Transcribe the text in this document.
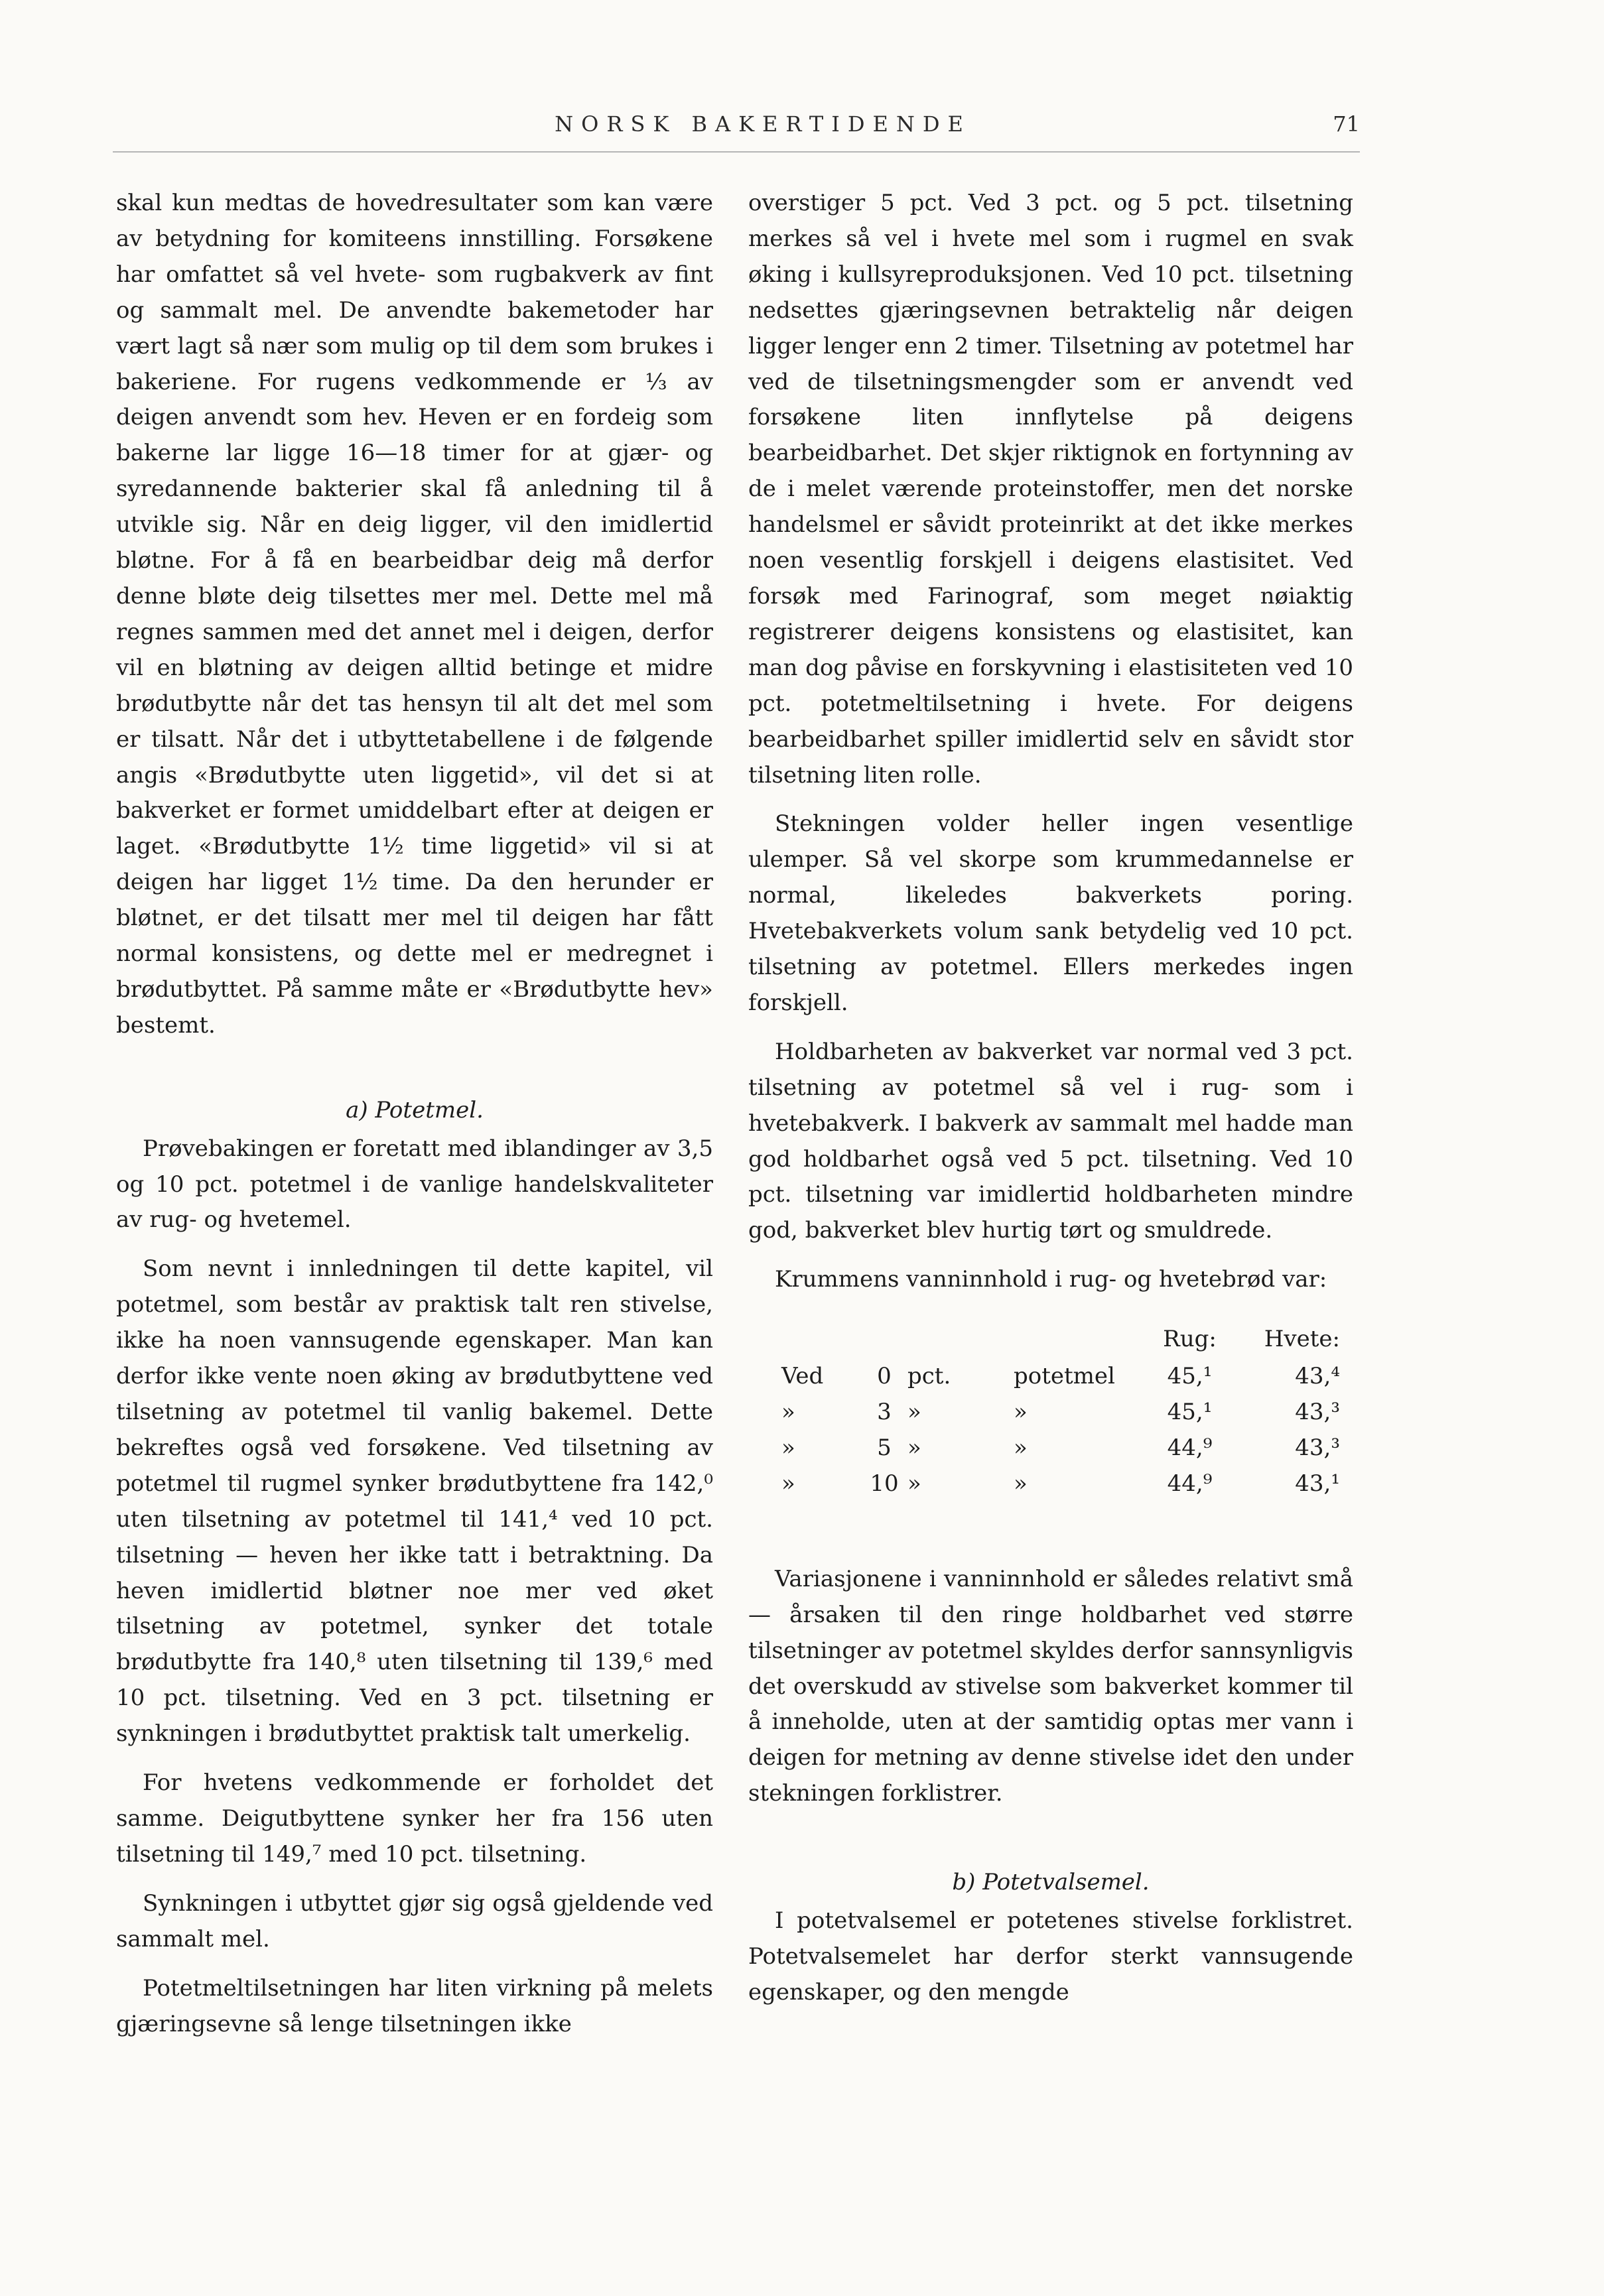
NORSK BAKERTIDENDE	71

skal kun medtas de hovedresultater som kan være av betydning for komiteens innstilling. Forsøkene har omfattet så vel hvete- som rugbakverk av fint og sammalt mel. De anvendte bakemetoder har vært lagt så nær som mulig op til dem som brukes i bakeriene. For rugens vedkommende er ⅓ av deigen anvendt som hev. Heven er en fordeig som bakerne lar ligge 16—18 timer for at gjær- og syredannende bakterier skal få anledning til å utvikle sig. Når en deig ligger, vil den imidlertid bløtne. For å få en bearbeidbar deig må derfor denne bløte deig tilsettes mer mel. Dette mel må regnes sammen med det annet mel i deigen, derfor vil en bløtning av deigen alltid betinge et midre brødutbytte når det tas hensyn til alt det mel som er tilsatt. Når det i utbyttetabellene i de følgende angis «Brødutbytte uten liggetid», vil det si at bakverket er formet umiddelbart efter at deigen er laget. «Brødutbytte 1½ time liggetid» vil si at deigen har ligget 1½ time. Da den herunder er bløtnet, er det tilsatt mer mel til deigen har fått normal konsistens, og dette mel er medregnet i brødutbyttet. På samme måte er «Brødutbytte hev» bestemt.

a) Potetmel.

Prøvebakingen er foretatt med iblandinger av 3,5 og 10 pct. potetmel i de vanlige handelskvaliteter av rug- og hvetemel.

Som nevnt i innledningen til dette kapitel, vil potetmel, som består av praktisk talt ren stivelse, ikke ha noen vannsugende egenskaper. Man kan derfor ikke vente noen øking av brødutbyttene ved tilsetning av potetmel til vanlig bakemel. Dette bekreftes også ved forsøkene. Ved tilsetning av potetmel til rugmel synker brødutbyttene fra 142,⁰ uten tilsetning av potetmel til 141,⁴ ved 10 pct. tilsetning — heven her ikke tatt i betraktning. Da heven imidlertid bløtner noe mer ved øket tilsetning av potetmel, synker det totale brødutbytte fra 140,⁸ uten tilsetning til 139,⁶ med 10 pct. tilsetning. Ved en 3 pct. tilsetning er synkningen i brødutbyttet praktisk talt umerkelig.

For hvetens vedkommende er forholdet det samme. Deigutbyttene synker her fra 156 uten tilsetning til 149,⁷ med 10 pct. tilsetning.

Synkningen i utbyttet gjør sig også gjeldende ved sammalt mel.

Potetmeltilsetningen har liten virkning på melets gjæringsevne så lenge tilsetningen ikke

overstiger 5 pct. Ved 3 pct. og 5 pct. tilsetning merkes så vel i hvete mel som i rugmel en svak øking i kullsyreproduksjonen. Ved 10 pct. tilsetning nedsettes gjæringsevnen betraktelig når deigen ligger lenger enn 2 timer. Tilsetning av potetmel har ved de tilsetningsmengder som er anvendt ved forsøkene liten innflytelse på deigens bearbeidbarhet. Det skjer riktignok en fortynning av de i melet værende proteinstoffer, men det norske handelsmel er såvidt proteinrikt at det ikke merkes noen vesentlig forskjell i deigens elastisitet. Ved forsøk med Farinograf, som meget nøiaktig registrerer deigens konsistens og elastisitet, kan man dog påvise en forskyvning i elastisiteten ved 10 pct. potetmeltilsetning i hvete. For deigens bearbeidbarhet spiller imidlertid selv en såvidt stor tilsetning liten rolle.

Stekningen volder heller ingen vesentlige ulemper. Så vel skorpe som krummedannelse er normal, likeledes bakverkets poring. Hvetebakverkets volum sank betydelig ved 10 pct. tilsetning av potetmel. Ellers merkedes ingen forskjell.

Holdbarheten av bakverket var normal ved 3 pct. tilsetning av potetmel så vel i rug- som i hvetebakverk. I bakverk av sammalt mel hadde man god holdbarhet også ved 5 pct. tilsetning. Ved 10 pct. tilsetning var imidlertid holdbarheten mindre god, bakverket blev hurtig tørt og smuldrede.

Krummens vanninnhold i rug- og hvetebrød var:

				Rug:	Hvete:
Ved	0	pct.	potetmel	45,¹	43,⁴
»	3	»	»	45,¹	43,³
»	5	»	»	44,⁹	43,³
»	10	»	»	44,⁹	43,¹

Variasjonene i vanninnhold er således relativt små — årsaken til den ringe holdbarhet ved større tilsetninger av potetmel skyldes derfor sannsynligvis det overskudd av stivelse som bakverket kommer til å inneholde, uten at der samtidig optas mer vann i deigen for metning av denne stivelse idet den under stekningen forklistrer.

b) Potetvalsemel.

I potetvalsemel er potetenes stivelse forklistret. Potetvalsemelet har derfor sterkt vannsugende egenskaper, og den mengde
